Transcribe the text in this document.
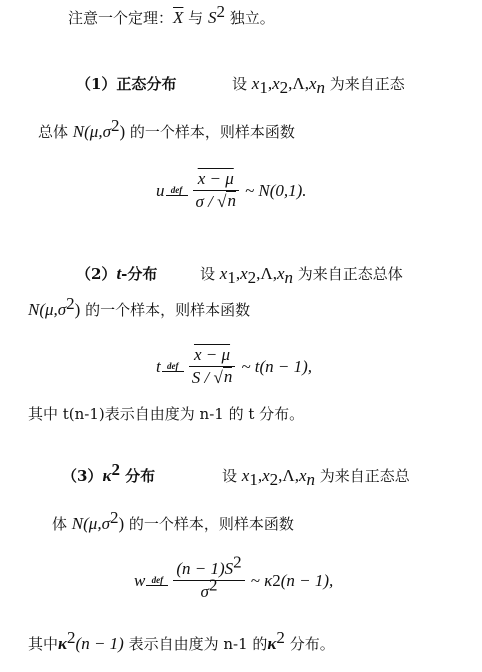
注意一个定理：$\overline{X}$ 与 $S^2$ 独立。
（1）正态分布	设 $x_1,x_2,\Lambda,x_n$ 为来自正态
总体 $N(\mu,\sigma^2)$ 的一个样本，则样本函数
u def $\frac{x - \mu}{\sigma / √ n}$ ~ N(0,1).
（2）t-分布	设 $x_1,x_2,\Lambda,x_n$ 为来自正态总体
$N(\mu,\sigma^2)$ 的一个样本，则样本函数
t def $\frac{x - \mu}{S / √ n}$ ~ t(n − 1),
其中 t(n-1)表示自由度为 n-1 的 t 分布。
$(3)\kappa^2$ 分布	设 $x_1,x_2,\Lambda,x_n$ 为来自正态总
体 $N(\mu,\sigma^2)$ 的一个样本，则样本函数
w def $\frac{(n - 1)S^2}{\sigma^2}$ ~ κ 2 (n − 1),
其中$\kappa^2(n - 1)$ 表示自由度为 n-1 的$\kappa^2$ 分布。
